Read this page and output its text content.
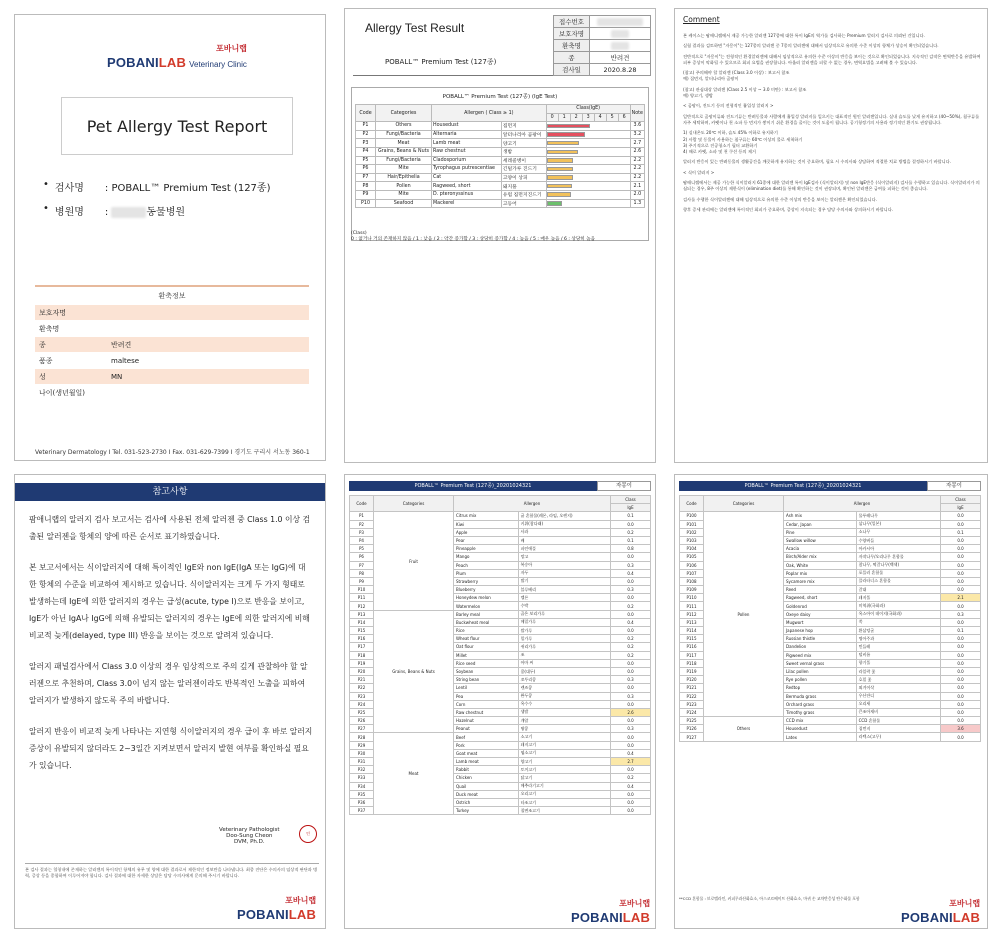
포바니랩
POBANILAB Veterinary Clinic
Pet Allergy Test Report
• 검사명	: POBALL™ Premium Test (127종)
• 병원명	:	동물병원
환축정보
보호자명
환축명
종	반려견
품종	maltese
성	MN
나이(생년월일)
Veterinary Dermatology I Tel. 031-523-2730 I Fax. 031-629-7399 I 경기도 구리시 서노동 360-1
Allergy Test Result
POBALL™ Premium Test (127종)
접수번호	
보호자명	
환축명	
종	반려견
검사일	2020.8.28
POBALL™ Premium Test (127종) (IgE Test)
Code	Categories	Allergen ( Class ≥ 1)		Class(IgE)							Note
				0	1	2	3	4	5	6	
P1	Others	Housedust	집먼지								3.6
P2	Fungi/Bacteria	Alternaria	알터나리아 곰팡이								3.2
P3	Meat	Lamb meat	양고기								2.7
P4	Grains, Beans & Nuts	Raw chestnut	생밤								2.6
P5	Fungi/Bacteria	Cladosporium	세레콜병이								2.2
P6	Mite	Tyrophagus putrescentiae	긴털가루 진드기								2.2
P7	Hair/Epithelia	Cat	고양이 상피								2.2
P8	Pollen	Ragweed, short	돼지풀								2.1
P9	Mite	D. pteronyssinus	유럽 집먼지진드기								2.0
P10	Seafood	Mackerel	고등어								1.3
(Class)
0 : 없거나 거의 존재하지 않음 / 1 : 낮음 / 2 : 약간 증가함 / 3 : 상당히 증가함 / 4 : 높음 / 5 : 매우 높음 / 6 : 상당히 높음
Comment

본 케이스는 팜애니랩에서 제공 가능한 알러젠 127종에 대한 특이 IgE의 역가를 검사하는 Premium 알러지 검사로 의뢰된 건입니다.

실험 결과를 검토하면 "자몽이"는 127종의 알러젠 중 7종의 알러젠에 대해서 임상적으로 유의한 수준 이상의 항체가 상승이 확인되었습니다.

전반적으로 "자몽이"는 전형적인 환경알러젠에 대해서 임상적으로 유의한 수준 이상의 반응을 보이는 것으로 확인되었습니다. 지속적인 감작은 면역반응을 유발하여 피부 증상이 악화될 수 있으므로 회피 요법을 권장합니다. 아울러 알러젠을 피할 수 없는 경우, 면역요법을 고려해 볼 수 있습니다.

(참고) 주의해야 할 알러젠 (Class 3.0 이상) : 보고서 참조
예) 집먼지, 알터나리아 곰팡이

(참고) 관심대상 알러젠 (Class 2.5 이상 ~ 3.0 미만) : 보고서 참조
예) 양고기, 생밤

< 곰팡이, 진드기 등의 전형적인 흡입성 알러지 >

일반적으로 곰팡이류와 진드기류는 반려동물과 사람에게 흡입성 알러지를 일으키는 대표적인 원인 알러젠입니다. 실내 습도를 낮게 유지하고 (40~50%), 침구류를 자주 세탁하며, 카펫이나 천 소파 등 먼지가 쌓이기 쉬운 환경을 줄이는 것이 도움이 됩니다. 공기청정기의 사용과 정기적인 환기도 권장됩니다.

1) 실내온도 20℃ 이하, 습도 45% 이하로 유지하기
2) 사람 및 동물이 사용하는 침구류는 60℃ 이상의 물로 세척하기
3) 주기적으로 진공청소기 필터 교환하기
4) 때로 카펫, 소파 및 천 쿠션 등의 제거

알러지 반응이 있는 반려동물의 생활공간을 깨끗하게 유지하는 것이 중요하며, 필요 시 수의사와 상담하여 적절한 치료 방법을 결정하시기 바랍니다.

< 식이 알러지 >

팜애니랩에서는 제공 가능한 식이알러지 61종에 대한 알러젠 특이 IgE검사 (식이알러지) 및 non IgE반응 (식이알러지) 검사를 수행하고 있습니다. 식이알러지가 의심되는 경우, 8주 이상의 제한식이 (elimination diet)를 통해 확인하는 것이 권장되며, 확인된 알러젠은 급여를 피하는 것이 좋습니다.

검사를 수행한 식이알러젠에 대해 임상적으로 유의한 수준 이상의 반응을 보이는 알러젠은 확인되었습니다.

향후 증세 관리에는 알러젠에 특이적인 회피가 중요하며, 증상이 지속되는 경우 담당 수의사와 상의하시기 바랍니다.

참고사항

팜애니랩의 알러지 검사 보고서는 검사에 사용된 전체 알러젠 중 Class 1.0 이상 검출된 알러젠을 항체의 양에 따른 순서로 표기하였습니다.

본 보고서에서는 식이알러지에 대해 특이적인 IgE와 non IgE(IgA 또는 IgG)에 대한 항체의 수준을 비교하여 제시하고 있습니다. 식이알러지는 크게 두 가지 형태로 발생하는데 IgE에 의한 알러지의 경우는 급성(acute, type I)으로 반응을 보이고, IgE가 아닌 IgA나 IgG에 의해 유발되는 알러지의 경우는 IgE에 의한 알러지에 비해 비교적 늦게(delayed, type III) 반응을 보이는 것으로 알려져 있습니다.

알러지 패널검사에서 Class 3.0 이상의 경우 임상적으로 주의 깊게 관찰하야 할 알러젠으로 추천하며, Class 3.0이 넘지 않는 알러젠이라도 반복적인 노출을 피하여 알러지가 발생하지 않도록 주의 바랍니다.

알러지 반응이 비교적 늦게 나타나는 지연형 식이알러지의 경우 급이 후 바로 알러지 증상이 유발되지 않더라도 2~3일간 지켜보면서 알러지 발현 여부를 확인하실 필요가 있습니다.

Veterinary Pathologist
Doo-Sung Cheon
DVM, Ph.D.
인
본 검사 결과는 혈청내에 존재하는 알러젠의 특이적인 항체의 유무 및 양에 대한 결과로서 제한적인 정보만을 나타냅니다. 최종 진단은 수의사의 임상적 판단과 병력, 증상 등을 종합하여 이루어져야 합니다. 검사 결과에 대한 자세한 상담은 담당 수의사에게 문의해 주시기 바랍니다.
포바니랩
POBANILAB
POBALL™ Premium Test (127종)_20201024321	자몽이
Code	Categories	Allergen		Class
				IgE
P1	Fruit	Citrus mix	귤 혼합물(레몬, 라임, 오렌지)	0.1
P2		Kiwi	키위(참다래)	0.0
P3		Apple	사과	0.2
P4		Pear	배	0.1
P5		Pineapple	파인애플	0.8
P6		Mango	망고	0.0
P7		Peach	복숭아	0.3
P8		Plum	자두	0.4
P9		Strawberry	딸기	0.0
P10		Blueberry	블루베리	0.3
P11		Honeydew melon	멜론	0.0
P12		Watermelon	수박	0.2
P13	Grains, Beans & Nuts	Barley meal	곱은 보리가루	0.0
P14		Buckwheat meal	메밀가루	0.4
P15		Rice	쌀가루	0.0
P16		Wheat flour	밀가루	0.2
P17		Oat flour	귀리가루	0.2
P18		Millet	조	0.2
P19		Rice seed	아마 씨	0.0
P20		Soybean	콩(대두)	0.0
P21		String bean	꼬투리콩	0.3
P22		Lentil	렌즈콩	0.0
P23		Pea	완두콩	0.3
P24		Corn	옥수수	0.0
P25		Raw chestnut	생밤	2.6
P26		Hazelnut	개암	0.0
P27		Peanut	땅콩	0.3
P28	Meat	Beef	소고기	0.0
P29		Pork	돼지고기	0.0
P30		Goat meat	염소고기	0.4
P31		Lamb meat	양고기	2.7
P32		Rabbit	토끼고기	0.0
P33		Chicken	닭고기	0.2
P34		Quail	메추라기고기	0.4
P35		Duck meat	오리고기	0.0
P36		Ostrich	타조고기	0.0
P37		Turkey	칠면조고기	0.0
포바니랩
POBANILAB
POBALL™ Premium Test (127종)_20201024321	자몽이
Code	Categories	Allergen		Class
				IgE
P100	Pollen	Ash mix	물푸레나무	0.0
P101		Cedar, Japan	삼나무(일본)	0.0
P102		Pine	소나무	0.1
P103		Swallow willow	수양버들	0.0
P104		Acacia	아카시아	0.0
P105		Birch/Alder mix	자작나무/오리나무 혼합물	0.0
P106		Oak, White	참나무, 떡갈나무(백색)	0.0
P107		Poplar mix	포플러 혼합물	0.0
P108		Sycamore mix	플라타너스 혼합물	0.0
P109		Reed	갈대	0.0
P110		Ragweed, short	돼지풀	2.1
P111		Goldenrod	미역취(국화과)	0.0
P112		Oxeye daisy	옥스아이 데이지(국화과)	0.3
P113		Mugwort	쑥	0.0
P114		Japanese hop	환삼덩굴	0.1
P115		Russian thistle	명아주과	0.0
P116		Dandelion	민들레	0.0
P117		Pigweed mix	털비름	0.0
P118		Sweet vernal grass	향기풀	0.0
P119		Lilac pollen	라일락 꽃	0.0
P120		Rye pollen	호밀 꽃	0.0
P121		Redtop	외겨이삭	0.0
P122		Bermuda grass	우산잔디	0.0
P123		Orchard grass	오리새	0.0
P124		Timothy grass	큰조아재비	0.0
P125	Others	CCD mix	CCD 혼합물	0.0
P126		Housedust	집먼지	3.6
P127		Latex	라텍스(고무)	0.0
**CCD 혼합물 : 브로멜라인, 커피무과산화효소, 아스코르베이트 산화효소, 마귀 손 교차반응성 탄수화물 포함
포바니랩
POBANILAB
